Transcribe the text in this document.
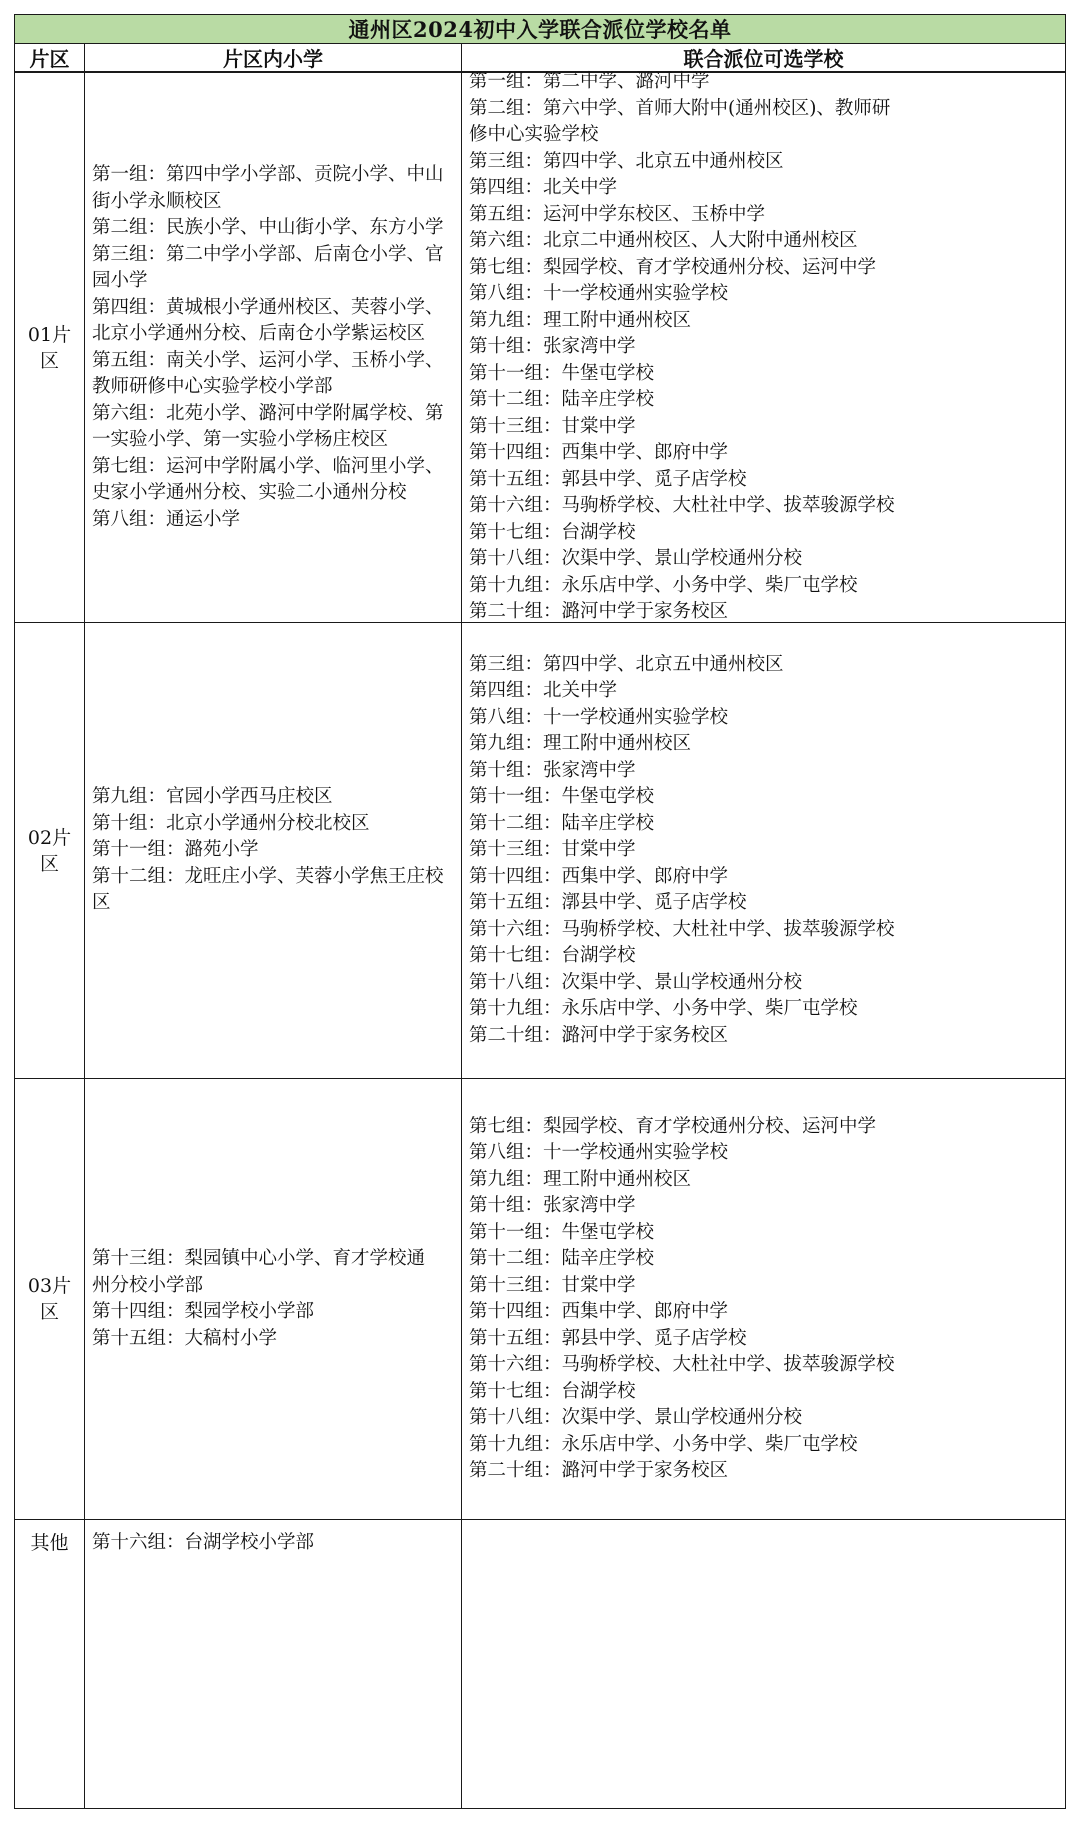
通州区2024初中入学联合派位学校名单
片区	片区内小学	联合派位可选学校
01片区
第一组：第四中学小学部、贡院小学、中山街小学永顺校区
第二组：民族小学、中山街小学、东方小学
第三组：第二中学小学部、后南仓小学、官园小学
第四组：黄城根小学通州校区、芙蓉小学、北京小学通州分校、后南仓小学紫运校区
第五组：南关小学、运河小学、玉桥小学、教师研修中心实验学校小学部
第六组：北苑小学、潞河中学附属学校、第一实验小学、第一实验小学杨庄校区
第七组：运河中学附属小学、临河里小学、史家小学通州分校、实验二小通州分校
第八组：通运小学
第一组：第二中学、潞河中学
第二组：第六中学、首师大附中(通州校区)、教师研修中心实验学校
第三组：第四中学、北京五中通州校区
第四组：北关中学
第五组：运河中学东校区、玉桥中学
第六组：北京二中通州校区、人大附中通州校区
第七组：梨园学校、育才学校通州分校、运河中学
第八组：十一学校通州实验学校
第九组：理工附中通州校区
第十组：张家湾中学
第十一组：牛堡屯学校
第十二组：陆辛庄学校
第十三组：甘棠中学
第十四组：西集中学、郎府中学
第十五组：郭县中学、觅子店学校
第十六组：马驹桥学校、大杜社中学、拔萃骏源学校
第十七组：台湖学校
第十八组：次渠中学、景山学校通州分校
第十九组：永乐店中学、小务中学、柴厂屯学校
第二十组：潞河中学于家务校区
02片区
第九组：官园小学西马庄校区
第十组：北京小学通州分校北校区
第十一组：潞苑小学
第十二组：龙旺庄小学、芙蓉小学焦王庄校区
第三组：第四中学、北京五中通州校区
第四组：北关中学
第八组：十一学校通州实验学校
第九组：理工附中通州校区
第十组：张家湾中学
第十一组：牛堡屯学校
第十二组：陆辛庄学校
第十三组：甘棠中学
第十四组：西集中学、郎府中学
第十五组：漷县中学、觅子店学校
第十六组：马驹桥学校、大杜社中学、拔萃骏源学校
第十七组：台湖学校
第十八组：次渠中学、景山学校通州分校
第十九组：永乐店中学、小务中学、柴厂屯学校
第二十组：潞河中学于家务校区
03片区
第十三组：梨园镇中心小学、育才学校通州分校小学部
第十四组：梨园学校小学部
第十五组：大稿村小学
第七组：梨园学校、育才学校通州分校、运河中学
第八组：十一学校通州实验学校
第九组：理工附中通州校区
第十组：张家湾中学
第十一组：牛堡屯学校
第十二组：陆辛庄学校
第十三组：甘棠中学
第十四组：西集中学、郎府中学
第十五组：郭县中学、觅子店学校
第十六组：马驹桥学校、大杜社中学、拔萃骏源学校
第十七组：台湖学校
第十八组：次渠中学、景山学校通州分校
第十九组：永乐店中学、小务中学、柴厂屯学校
第二十组：潞河中学于家务校区
其他 第十六组：台湖学校小学部
